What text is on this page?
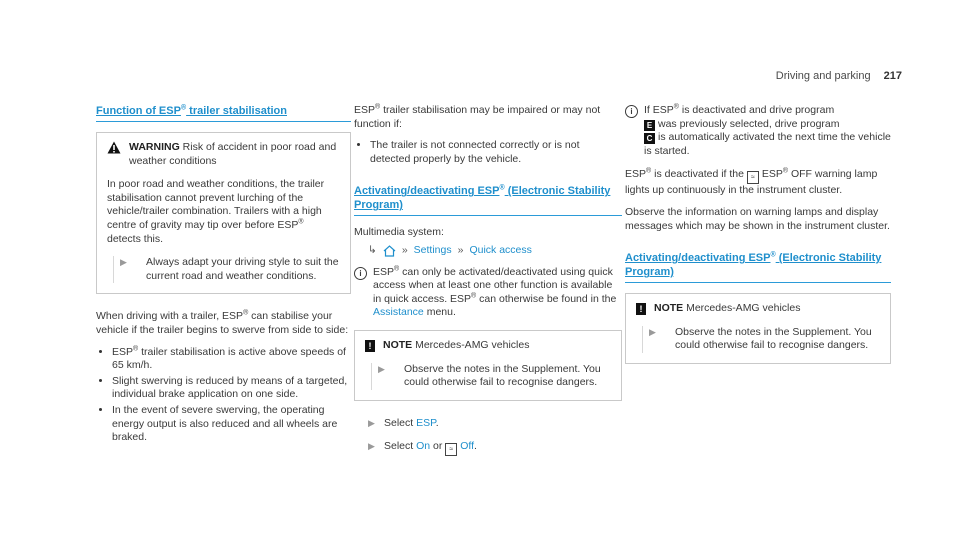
Driving and parking 217
Function of ESP® trailer stabilisation
WARNING Risk of accident in poor road and weather conditions

In poor road and weather conditions, the trailer stabilisation cannot prevent lurching of the vehicle/trailer combination. Trailers with a high centre of gravity may tip over before ESP® detects this.

▶	Always adapt your driving style to suit the current road and weather conditions.

When driving with a trailer, ESP® can stabilise your vehicle if the trailer begins to swerve from side to side:

• ESP® trailer stabilisation is active above speeds of 65 km/h.
• Slight swerving is reduced by means of a targeted, individual brake application on one side.
• In the event of severe swerving, the operating energy output is also reduced and all wheels are braked.

ESP® trailer stabilisation may be impaired or may not function if:

• The trailer is not connected correctly or is not detected properly by the vehicle.
Activating/deactivating ESP® (Electronic Stability Program)

Multimedia system:

↳ » Settings » Quick access
i	ESP® can only be activated/deactivated using quick access when at least one other function is available in quick access. ESP® can otherwise be found in the Assistance menu.
!	NOTE Mercedes-AMG vehicles
▶	Observe the notes in the Supplement. You could otherwise fail to recognise dangers.
▶ Select ESP.
▶ Select On or ≈ Off.
i	If ESP® is deactivated and drive program
E was previously selected, drive program
C is automatically activated the next time the vehicle is started.

ESP® is deactivated if the ≈ ESP® OFF warning lamp lights up continuously in the instrument cluster.

Observe the information on warning lamps and display messages which may be shown in the instrument cluster.

Activating/deactivating ESP® (Electronic Stability Program)
!	NOTE Mercedes-AMG vehicles
▶	Observe the notes in the Supplement. You could otherwise fail to recognise dangers.
